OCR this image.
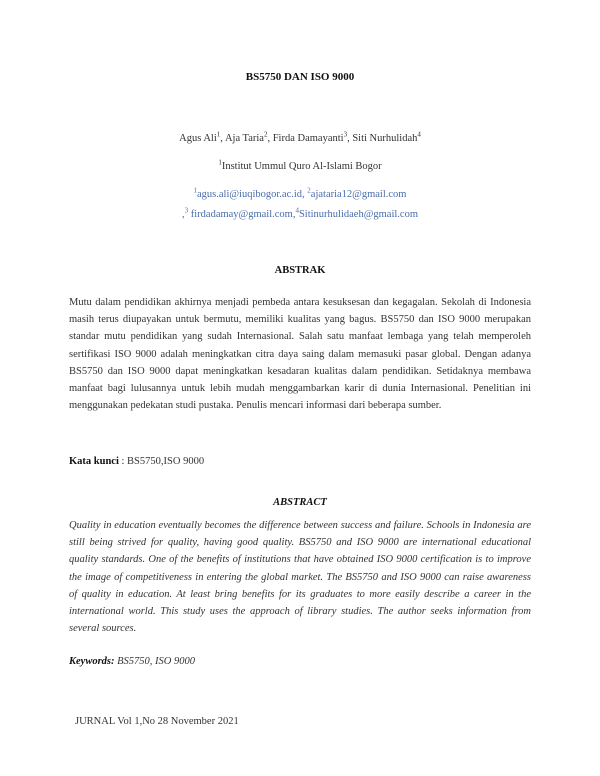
BS5750 DAN ISO 9000
Agus Ali$^1$, Aja Taria$^2$, Firda Damayanti$^3$, Siti Nurhulidah$^4$
$^1$Institut Ummul Quro Al-Islami Bogor
$^1$agus.ali@iuqibogor.ac.id, $^2$ajataria12@gmail.com
,$^3$ firdadamay@gmail.com,$^4$Sitinurhulidaeh@gmail.com
ABSTRAK
Mutu dalam pendidikan akhirnya menjadi pembeda antara kesuksesan dan kegagalan. Sekolah di Indonesia masih terus diupayakan untuk bermutu, memiliki kualitas yang bagus. BS5750 dan ISO 9000 merupakan standar mutu pendidikan yang sudah Internasional. Salah satu manfaat lembaga yang telah memperoleh sertifikasi ISO 9000 adalah meningkatkan citra daya saing dalam memasuki pasar global. Dengan adanya BS5750 dan ISO 9000 dapat meningkatkan kesadaran kualitas dalam pendidikan. Setidaknya membawa manfaat bagi lulusannya untuk lebih mudah menggambarkan karir di dunia Internasional. Penelitian ini menggunakan pedekatan studi pustaka. Penulis mencari informasi dari beberapa sumber.
Kata kunci : BS5750,ISO 9000
ABSTRACT
Quality in education eventually becomes the difference between success and failure. Schools in Indonesia are still being strived for quality, having good quality. BS5750 and ISO 9000 are international educational quality standards. One of the benefits of institutions that have obtained ISO 9000 certification is to improve the image of competitiveness in entering the global market. The BS5750 and ISO 9000 can raise awareness of quality in education. At least bring benefits for its graduates to more easily describe a career in the international world. This study uses the approach of library studies. The author seeks information from several sources.
Keywords: BS5750, ISO 9000
JURNAL Vol 1,No 28 November 2021
